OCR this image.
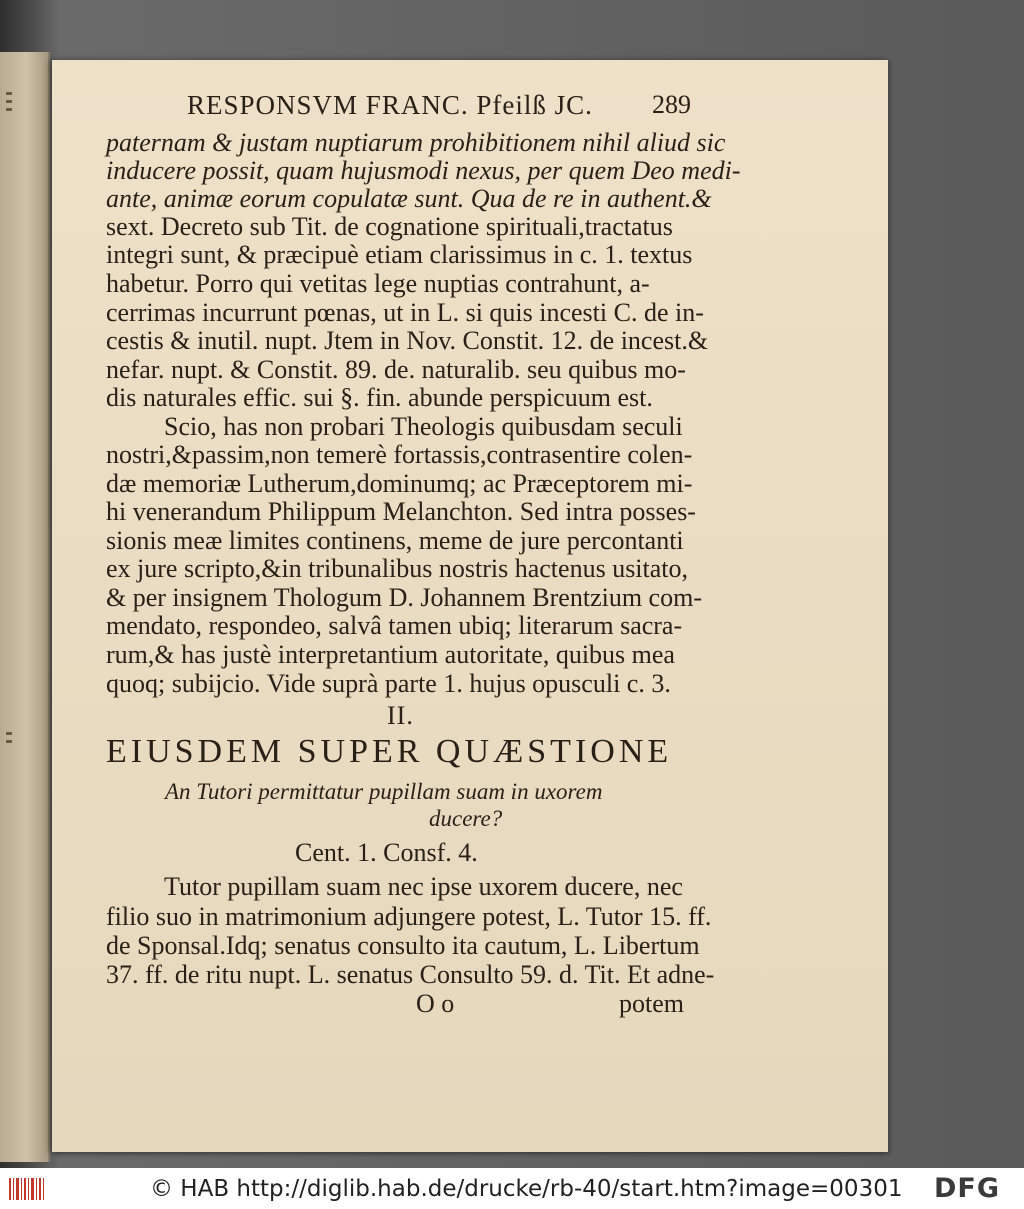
RESPONSVM FRANC. Pfeilß JC. 289
paternam & justam nuptiarum prohibitionem nihil aliud sic
inducere possit, quam hujusmodi nexus, per quem Deo medi-
ante, animæ eorum copulatæ sunt. Qua de re in authent.&
sext. Decreto sub Tit. de cognatione spirituali,tractatus
integri sunt, & præcipuè etiam clarissimus in c. 1. textus
habetur. Porro qui vetitas lege nuptias contrahunt, a-
cerrimas incurrunt pœnas, ut in L. si quis incesti C. de in-
cestis & inutil. nupt. Jtem in Nov. Constit. 12. de incest.&
nefar. nupt. & Constit. 89. de. naturalib. seu quibus mo-
dis naturales effic. sui §. fin. abunde perspicuum est.
Scio, has non probari Theologis quibusdam seculi
nostri,&passim,non temerè fortassis,contrasentire colen-
dæ memoriæ Lutherum,dominumq; ac Præceptorem mi-
hi venerandum Philippum Melanchton. Sed intra posses-
sionis meæ limites continens, meme de jure percontanti
ex jure scripto,&in tribunalibus nostris hactenus usitato,
& per insignem Thologum D. Johannem Brentzium com-
mendato, respondeo, salvâ tamen ubiq; literarum sacra-
rum,& has justè interpretantium autoritate, quibus mea
quoq; subijcio. Vide suprà parte 1. hujus opusculi c. 3.
II.
EIUSDEM SUPER QUÆSTIONE
An Tutori permittatur pupillam suam in uxorem
ducere?
Cent. 1. Consf. 4.
Tutor pupillam suam nec ipse uxorem ducere, nec
filio suo in matrimonium adjungere potest, L. Tutor 15. ff.
de Sponsal.Idq; senatus consulto ita cautum, L. Libertum
37. ff. de ritu nupt. L. senatus Consulto 59. d. Tit. Et adne-
O o	potem
© HAB http://diglib.hab.de/drucke/rb-40/start.htm?image=00301 DFG
